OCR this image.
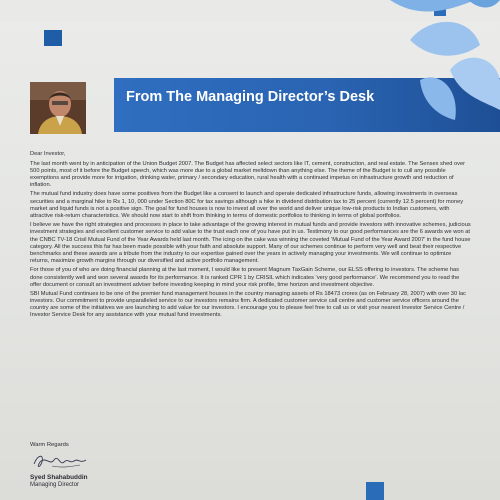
From The Managing Director’s Desk

Dear Investor,

The last month went by in anticipation of the Union Budget 2007. The Budget has affected select sectors like IT, cement, construction, and real estate. The Sensex shed over 500 points, most of it before the Budget speech, which was more due to a global market meltdown than anything else. The theme of the Budget is to cull any possible exemptions and provide more for irrigation, drinking water, primary / secondary education, rural health with a continued impetus on infrastructure growth and reduction of inflation.

The mutual fund industry does have some positives from the Budget like a consent to launch and operate dedicated infrastructure funds, allowing investments in overseas securities and a marginal hike to Rs 1, 10, 000 under Section 80C for tax savings although a hike in dividend distribution tax to 25 percent (currently 12.5 percent) for money market and liquid funds is not a positive sign. The goal for fund houses is now to invest all over the world and deliver unique low-risk products to Indian customers, with attractive risk-return characteristics. We should now start to shift from thinking in terms of domestic portfolios to thinking in terms of global portfolios.

I believe we have the right strategies and processes in place to take advantage of the growing interest in mutual funds and provide investors with innovative schemes, judicious investment strategies and excellent customer service to add value to the trust each one of you have put in us. Testimony to our good performances are the 6 awards we won at the CNBC TV-18 Crisil Mutual Fund of the Year Awards held last month. The icing on the cake was winning the coveted ‘Mutual Fund of the Year Award 2007’ in the fund house category. All the success this far has been made possible with your faith and absolute support. Many of our schemes continue to perform very well and beat their respective benchmarks and these awards are a tribute from the industry to our expertise gained over the years in actively managing your investments. We will continue to optimize returns, maximize growth margins through our diversified and active portfolio management.

For those of you of who are doing financial planning at the last moment, I would like to present Magnum TaxGain Scheme, our ELSS offering to investors. The scheme has done consistently well and won several awards for its performance. It is ranked CPR 1 by CRISIL which indicates ‘very good performance’. We recommend you to read the offer document or consult an investment adviser before investing keeping in mind your risk profile, time horizon and investment objective.

SBI Mutual Fund continues to be one of the premier fund management houses in the country managing assets of Rs 18473 crores (as on February 28, 2007) with over 30 lac investors. Our commitment to provide unparalleled service to our investors remains firm. A dedicated customer service call centre and customer service officers around the country are some of the initiatives we are launching to add value for our investors. I encourage you to please feel free to call us or visit your nearest Investor Service Centre / Investor Service Desk for any assistance with your mutual fund investments.

Warm Regards
Syed Shahabuddin
Managing Director
